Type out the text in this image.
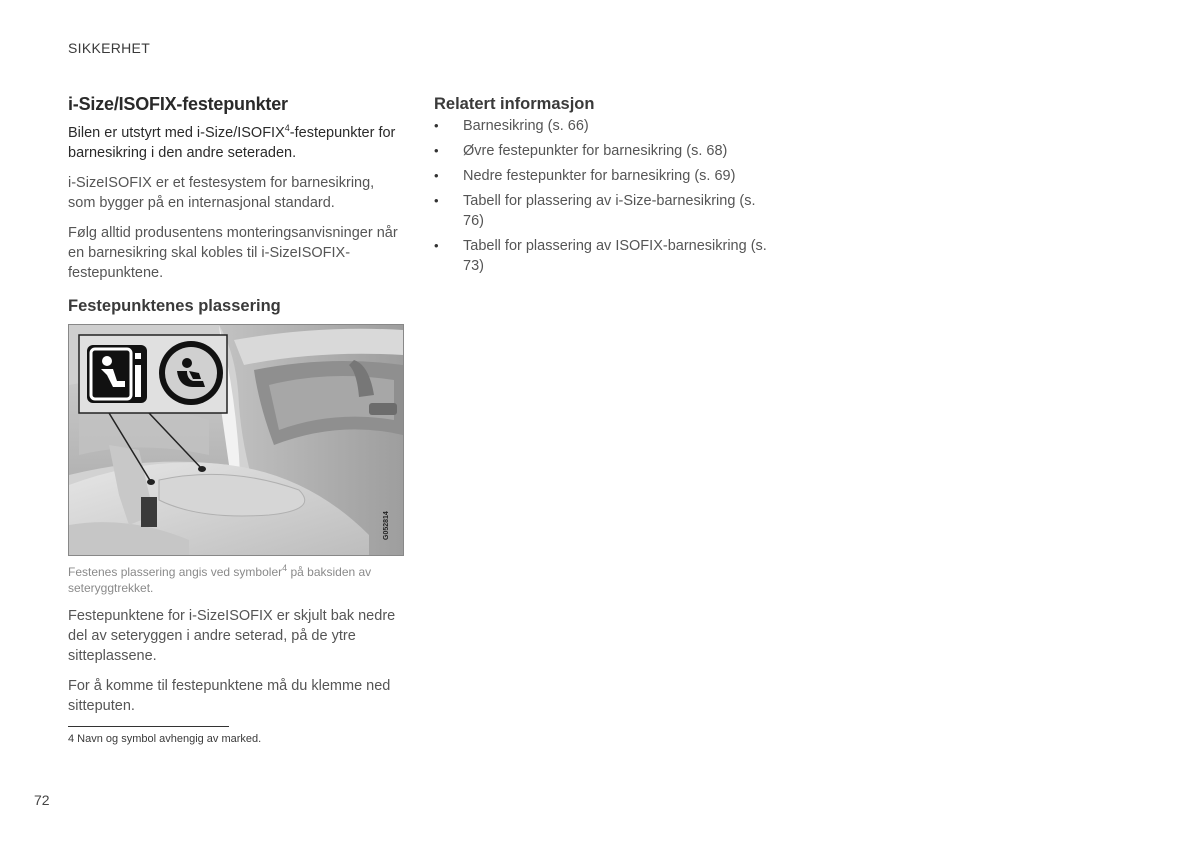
SIKKERHET
i-Size/ISOFIX-festepunkter

Bilen er utstyrt med i-Size/ISOFIX$^4$-festepunkter for barnesikring i den andre seteraden.

i-SizeISOFIX er et festesystem for barnesikring, som bygger på en internasjonal standard.

Følg alltid produsentens monteringsanvisninger når en barnesikring skal kobles til i-SizeISOFIX-festepunktene.

Festepunktenes plassering
G052814

Festenes plassering angis ved symboler$^4$ på baksiden av seteryggtrekket.

Festepunktene for i-SizeISOFIX er skjult bak nedre del av seteryggen i andre seterad, på de ytre sitteplassene.

For å komme til festepunktene må du klemme ned sitteputen.

Relatert informasjon
• Barnesikring (s. 66)
• Øvre festepunkter for barnesikring (s. 68)
• Nedre festepunkter for barnesikring (s. 69)
• Tabell for plassering av i-Size-barnesikring (s. 76)
• Tabell for plassering av ISOFIX-barnesikring (s. 73)
4 Navn og symbol avhengig av marked.
72
